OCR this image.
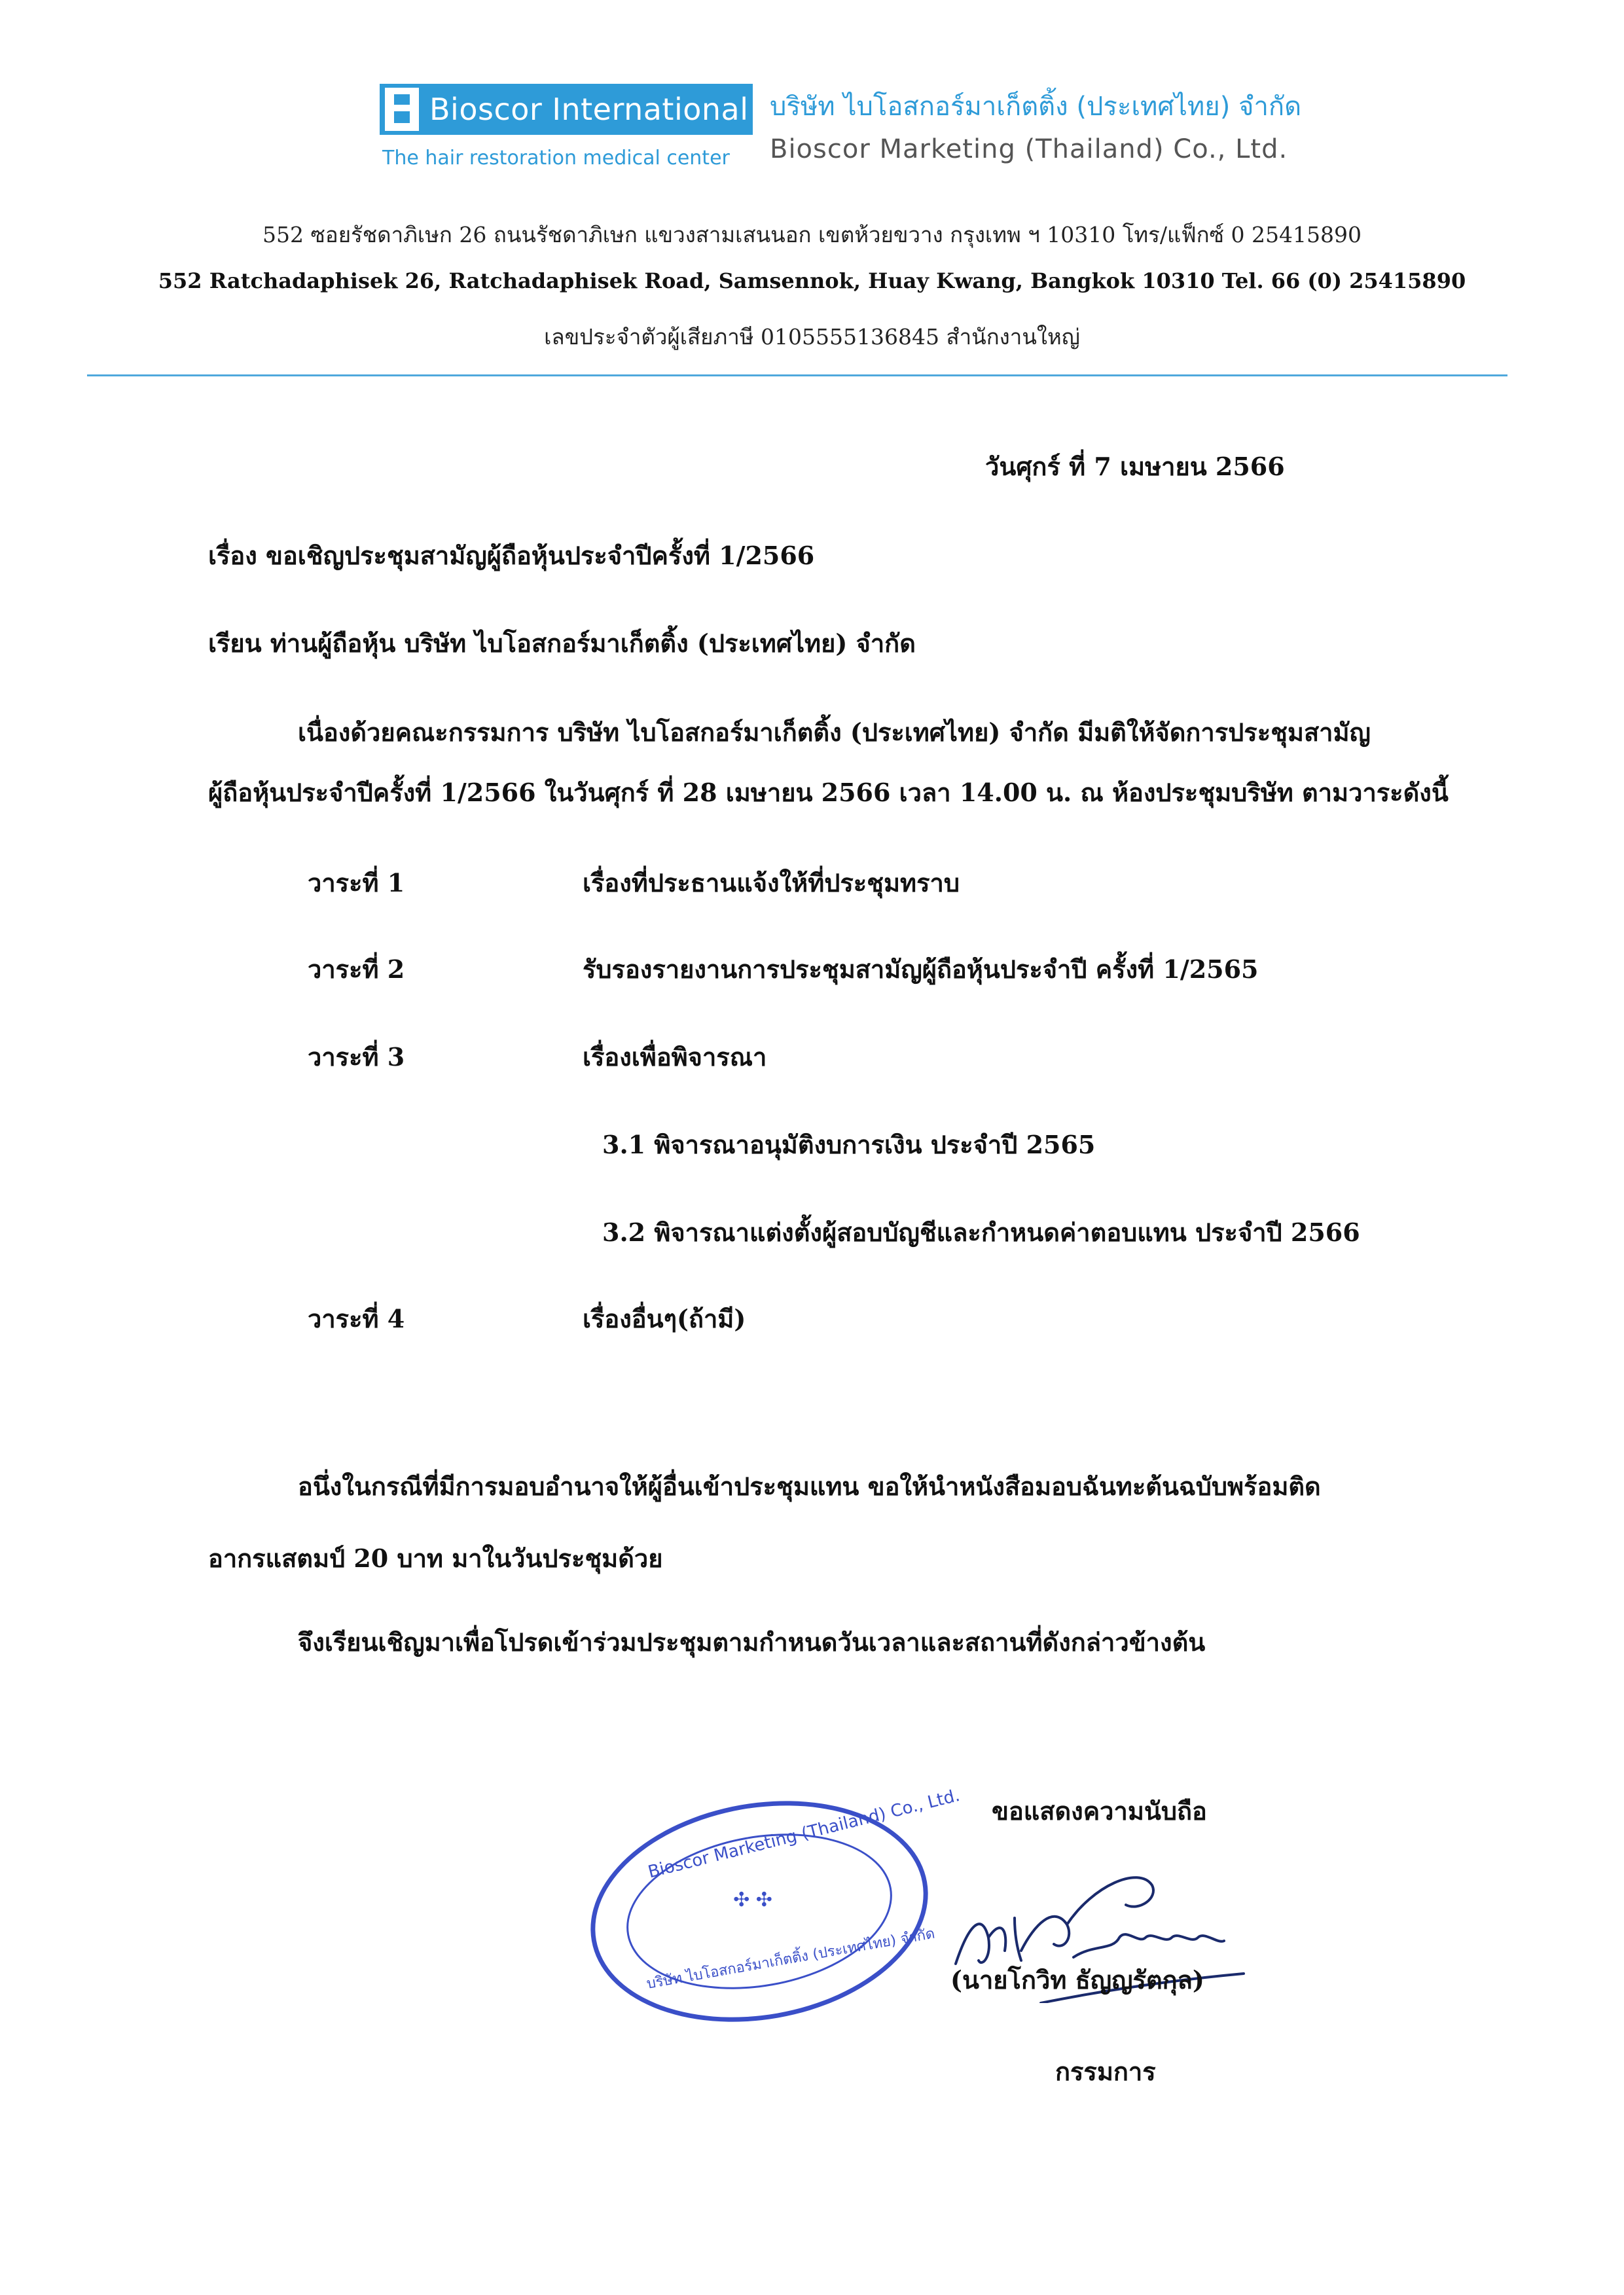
Bioscor International
The hair restoration medical center
บริษัท ไบโอสกอร์มาเก็ตติ้ง (ประเทศไทย) จำกัด
Bioscor Marketing (Thailand) Co., Ltd.
552 ซอยรัชดาภิเษก 26 ถนนรัชดาภิเษก แขวงสามเสนนอก เขตห้วยขวาง กรุงเทพ ฯ 10310 โทร/แฟ็กซ์ 0 25415890
552 Ratchadaphisek 26, Ratchadaphisek Road, Samsennok, Huay Kwang, Bangkok 10310 Tel. 66 (0) 25415890
เลขประจำตัวผู้เสียภาษี 0105555136845 สำนักงานใหญ่
วันศุกร์ ที่ 7 เมษายน 2566
เรื่อง ขอเชิญประชุมสามัญผู้ถือหุ้นประจำปีครั้งที่ 1/2566
เรียน ท่านผู้ถือหุ้น บริษัท ไบโอสกอร์มาเก็ตติ้ง (ประเทศไทย) จำกัด
เนื่องด้วยคณะกรรมการ บริษัท ไบโอสกอร์มาเก็ตติ้ง (ประเทศไทย) จำกัด มีมติให้จัดการประชุมสามัญ
ผู้ถือหุ้นประจำปีครั้งที่ 1/2566 ในวันศุกร์ ที่ 28 เมษายน 2566 เวลา 14.00 น. ณ ห้องประชุมบริษัท ตามวาระดังนี้
วาระที่ 1	เรื่องที่ประธานแจ้งให้ที่ประชุมทราบ
วาระที่ 2	รับรองรายงานการประชุมสามัญผู้ถือหุ้นประจำปี ครั้งที่ 1/2565
วาระที่ 3	เรื่องเพื่อพิจารณา
3.1 พิจารณาอนุมัติงบการเงิน ประจำปี 2565
3.2 พิจารณาแต่งตั้งผู้สอบบัญชีและกำหนดค่าตอบแทน ประจำปี 2566
วาระที่ 4	เรื่องอื่นๆ(ถ้ามี)
อนึ่งในกรณีที่มีการมอบอำนาจให้ผู้อื่นเข้าประชุมแทน ขอให้นำหนังสือมอบฉันทะต้นฉบับพร้อมติด
อากรแสตมป์ 20 บาท มาในวันประชุมด้วย
จึงเรียนเชิญมาเพื่อโปรดเข้าร่วมประชุมตามกำหนดวันเวลาและสถานที่ดังกล่าวข้างต้น
ขอแสดงความนับถือ
Bioscor Marketing (Thailand) Co., Ltd.
✣ ✣
บริษัท ไบโอสกอร์มาเก็ตติ้ง (ประเทศไทย) จำกัด (นายโกวิท ธัญญรัตกุล)
กรรมการ
